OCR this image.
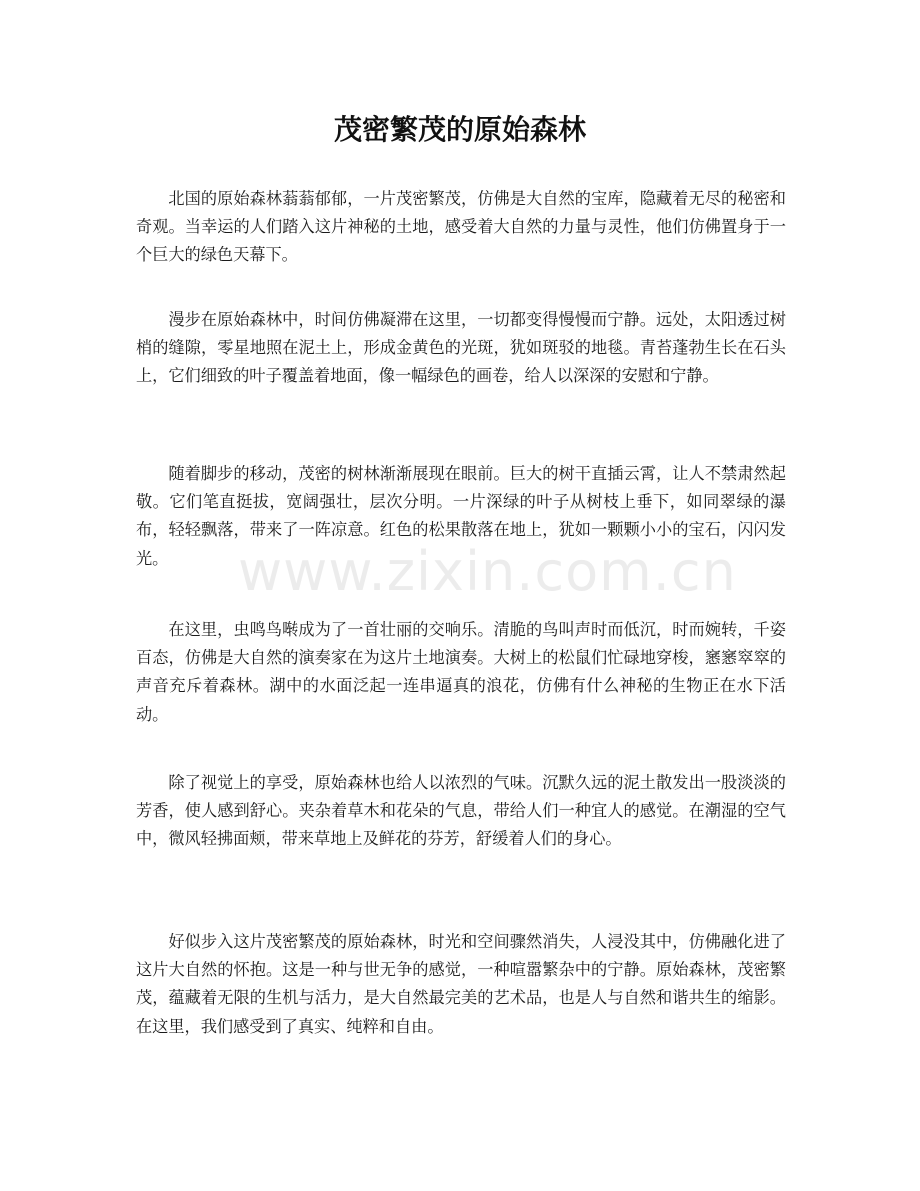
茂密繁茂的原始森林

北国的原始森林蓊蓊郁郁，一片茂密繁茂，仿佛是大自然的宝库，隐藏着无尽的秘密和奇观。当幸运的人们踏入这片神秘的土地，感受着大自然的力量与灵性，他们仿佛置身于一个巨大的绿色天幕下。

漫步在原始森林中，时间仿佛凝滞在这里，一切都变得慢慢而宁静。远处，太阳透过树梢的缝隙，零星地照在泥土上，形成金黄色的光斑，犹如斑驳的地毯。青苔蓬勃生长在石头上，它们细致的叶子覆盖着地面，像一幅绿色的画卷，给人以深深的安慰和宁静。

随着脚步的移动，茂密的树林渐渐展现在眼前。巨大的树干直插云霄，让人不禁肃然起敬。它们笔直挺拔，宽阔强壮，层次分明。一片深绿的叶子从树枝上垂下，如同翠绿的瀑布，轻轻飘落，带来了一阵凉意。红色的松果散落在地上，犹如一颗颗小小的宝石，闪闪发光。

在这里，虫鸣鸟啭成为了一首壮丽的交响乐。清脆的鸟叫声时而低沉，时而婉转，千姿百态，仿佛是大自然的演奏家在为这片土地演奏。大树上的松鼠们忙碌地穿梭，窸窸窣窣的声音充斥着森林。湖中的水面泛起一连串逼真的浪花，仿佛有什么神秘的生物正在水下活动。

除了视觉上的享受，原始森林也给人以浓烈的气味。沉默久远的泥土散发出一股淡淡的芳香，使人感到舒心。夹杂着草木和花朵的气息，带给人们一种宜人的感觉。在潮湿的空气中，微风轻拂面颊，带来草地上及鲜花的芬芳，舒缓着人们的身心。

好似步入这片茂密繁茂的原始森林，时光和空间骤然消失，人浸没其中，仿佛融化进了这片大自然的怀抱。这是一种与世无争的感觉，一种喧嚣繁杂中的宁静。原始森林，茂密繁茂，蕴藏着无限的生机与活力，是大自然最完美的艺术品，也是人与自然和谐共生的缩影。在这里，我们感受到了真实、纯粹和自由。

www.zixin.com.cn
